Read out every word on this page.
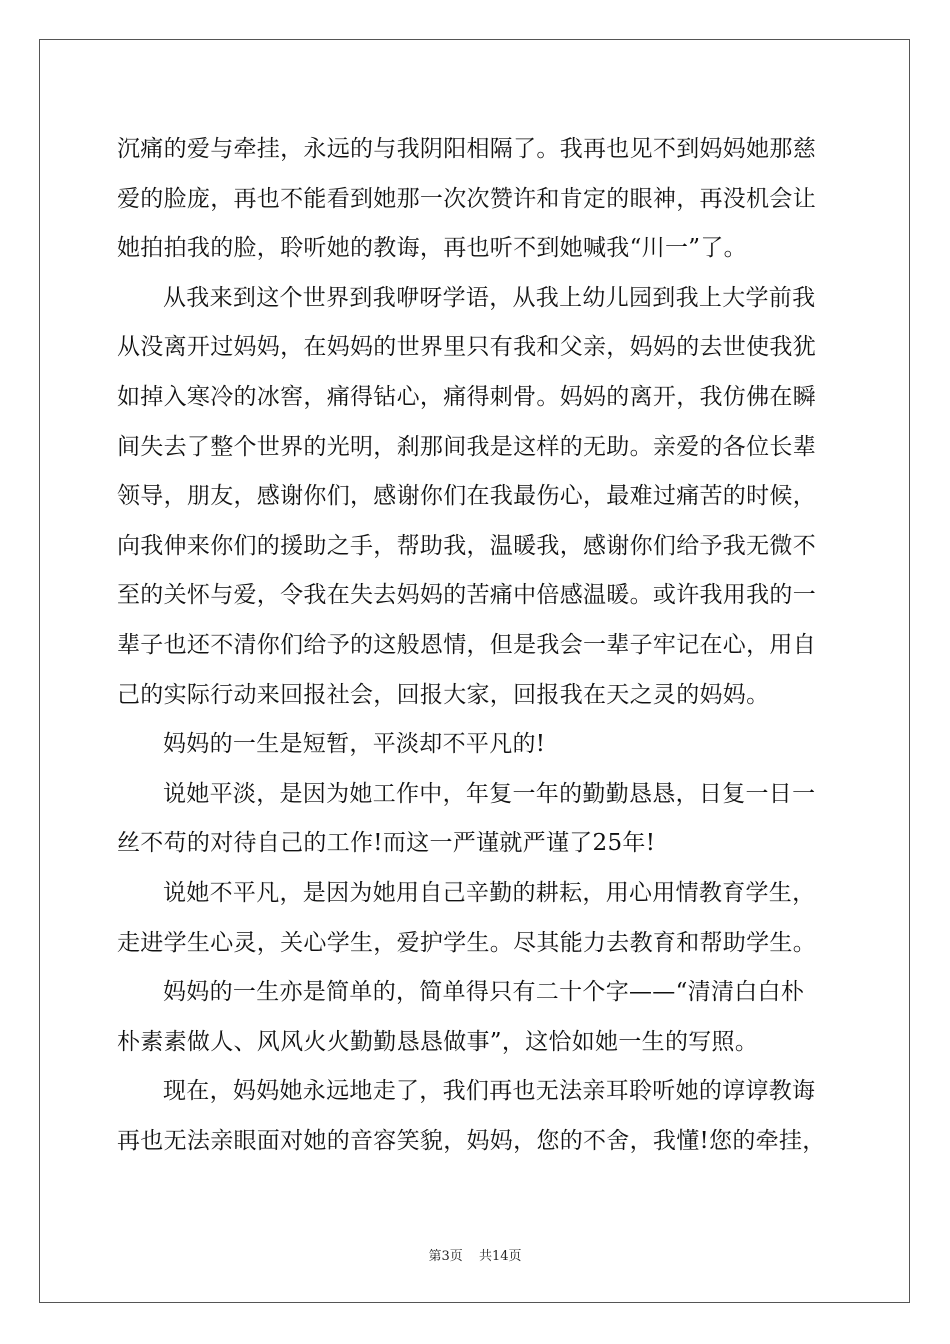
沉痛的爱与牵挂，永远的与我阴阳相隔了。我再也见不到妈妈她那慈
爱的脸庞，再也不能看到她那一次次赞许和肯定的眼神，再没机会让
她拍拍我的脸，聆听她的教诲，再也听不到她喊我“川一”了。
从我来到这个世界到我咿呀学语，从我上幼儿园到我上大学前我
从没离开过妈妈，在妈妈的世界里只有我和父亲，妈妈的去世使我犹
如掉入寒冷的冰窖，痛得钻心，痛得刺骨。妈妈的离开，我仿佛在瞬
间失去了整个世界的光明，刹那间我是这样的无助。亲爱的各位长辈
领导，朋友，感谢你们，感谢你们在我最伤心，最难过痛苦的时候，
向我伸来你们的援助之手，帮助我，温暖我，感谢你们给予我无微不
至的关怀与爱，令我在失去妈妈的苦痛中倍感温暖。或许我用我的一
辈子也还不清你们给予的这般恩情，但是我会一辈子牢记在心，用自
己的实际行动来回报社会，回报大家，回报我在天之灵的妈妈。
妈妈的一生是短暂，平淡却不平凡的!
说她平淡，是因为她工作中，年复一年的勤勤恳恳，日复一日一
丝不苟的对待自己的工作!而这一严谨就严谨了25年!
说她不平凡，是因为她用自己辛勤的耕耘，用心用情教育学生，
走进学生心灵，关心学生，爱护学生。尽其能力去教育和帮助学生。
妈妈的一生亦是简单的，简单得只有二十个字——“清清白白朴
朴素素做人、风风火火勤勤恳恳做事”，这恰如她一生的写照。
现在，妈妈她永远地走了，我们再也无法亲耳聆听她的谆谆教诲
再也无法亲眼面对她的音容笑貌，妈妈，您的不舍，我懂!您的牵挂，
第3页 共14页
